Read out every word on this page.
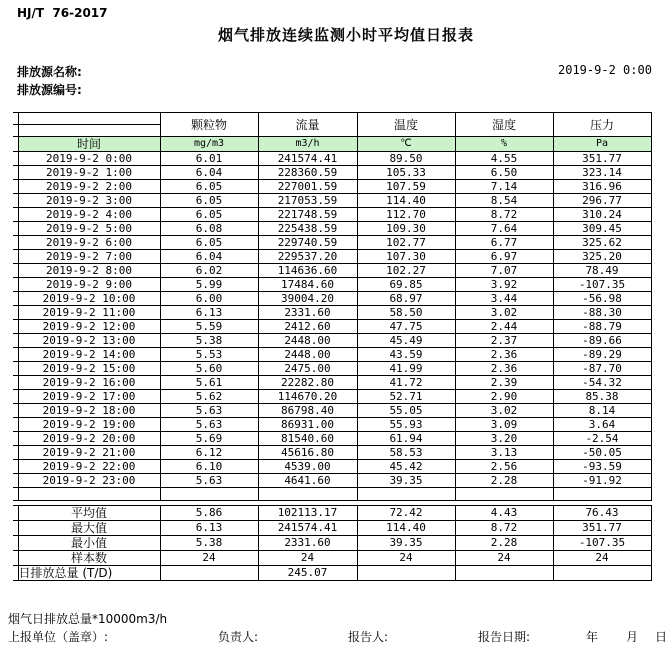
HJ/T  76-2017
烟气排放连续监测小时平均值日报表
排放源名称:
排放源编号:
2019-9-2 0:00
		颗粒物	流量	温度	湿度	压力

	时间	mg/m3	m3/h	℃	%	Pa
	2019-9-2 0:00	6.01	241574.41	89.50	4.55	351.77
	2019-9-2 1:00	6.04	228360.59	105.33	6.50	323.14
	2019-9-2 2:00	6.05	227001.59	107.59	7.14	316.96
	2019-9-2 3:00	6.05	217053.59	114.40	8.54	296.77
	2019-9-2 4:00	6.05	221748.59	112.70	8.72	310.24
	2019-9-2 5:00	6.08	225438.59	109.30	7.64	309.45
	2019-9-2 6:00	6.05	229740.59	102.77	6.77	325.62
	2019-9-2 7:00	6.04	229537.20	107.30	6.97	325.20
	2019-9-2 8:00	6.02	114636.60	102.27	7.07	78.49
	2019-9-2 9:00	5.99	17484.60	69.85	3.92	-107.35
	2019-9-2 10:00	6.00	39004.20	68.97	3.44	-56.98
	2019-9-2 11:00	6.13	2331.60	58.50	3.02	-88.30
	2019-9-2 12:00	5.59	2412.60	47.75	2.44	-88.79
	2019-9-2 13:00	5.38	2448.00	45.49	2.37	-89.66
	2019-9-2 14:00	5.53	2448.00	43.59	2.36	-89.29
	2019-9-2 15:00	5.60	2475.00	41.99	2.36	-87.70
	2019-9-2 16:00	5.61	22282.80	41.72	2.39	-54.32
	2019-9-2 17:00	5.62	114670.20	52.71	2.90	85.38
	2019-9-2 18:00	5.63	86798.40	55.05	3.02	8.14
	2019-9-2 19:00	5.63	86931.00	55.93	3.09	3.64
	2019-9-2 20:00	5.69	81540.60	61.94	3.20	-2.54
	2019-9-2 21:00	6.12	45616.80	58.53	3.13	-50.05
	2019-9-2 22:00	6.10	4539.00	45.42	2.56	-93.59
	2019-9-2 23:00	5.63	4641.60	39.35	2.28	-91.92

	平均值	5.86	102113.17	72.42	4.43	76.43
	最大值	6.13	241574.41	114.40	8.72	351.77
	最小值	5.38	2331.60	39.35	2.28	-107.35
	样本数	24	24	24	24	24
	日排放总量 (T/D)		245.07			
烟气日排放总量*10000m3/h
上报单位（盖章）:	负责人:	报告人:	报告日期:	年 月 日
